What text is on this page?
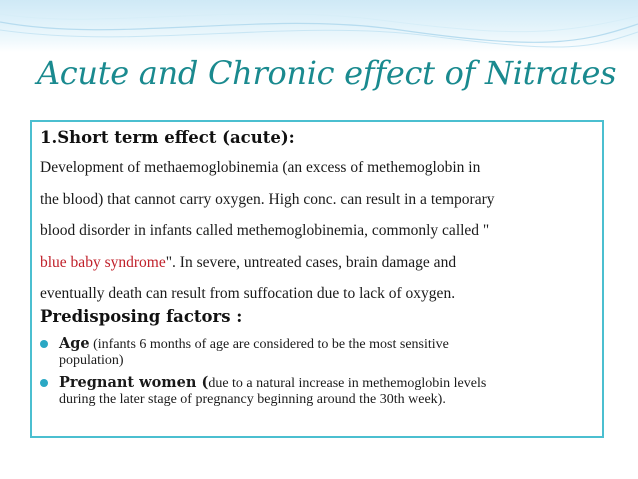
Acute and Chronic effect of Nitrates
1.Short term effect (acute):

Development of methaemoglobinemia (an excess of methemoglobin in
the blood) that cannot carry oxygen. High conc. can result in a temporary
blood disorder in infants called methemoglobinemia, commonly called "
blue baby syndrome". In severe, untreated cases, brain damage and
eventually death can result from suffocation due to lack of oxygen.

Predisposing factors :
Age (infants 6 months of age are considered to be the most sensitive
population)
Pregnant women (due to a natural increase in methemoglobin levels
during the later stage of pregnancy beginning around the 30th week).
